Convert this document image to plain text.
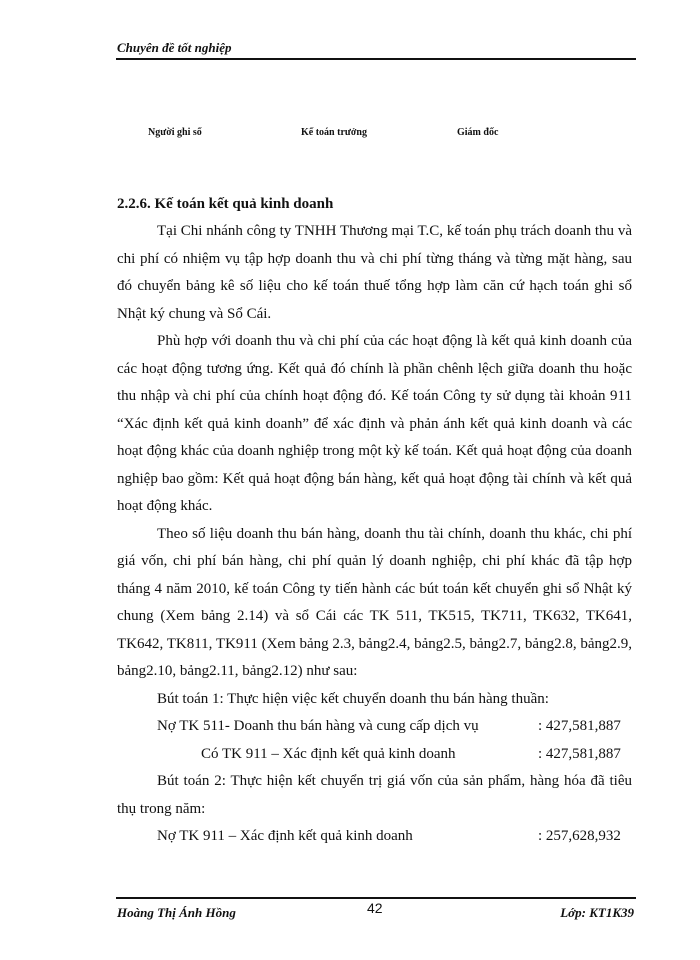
Chuyên đề tốt nghiệp
Người ghi sổ	Kế toán trưởng	Giám đốc
2.2.6. Kế toán kết quả kinh doanh

Tại Chi nhánh công ty TNHH Thương mại T.C, kế toán phụ trách doanh thu và chi phí có nhiệm vụ tập hợp doanh thu và chi phí từng tháng và từng mặt hàng, sau đó chuyển bảng kê số liệu cho kế toán thuế tổng hợp làm căn cứ hạch toán ghi sổ Nhật ký chung và Sổ Cái.

Phù hợp với doanh thu và chi phí của các hoạt động là kết quả kinh doanh của các hoạt động tương ứng. Kết quả đó chính là phần chênh lệch giữa doanh thu hoặc thu nhập và chi phí của chính hoạt động đó. Kế toán Công ty sử dụng tài khoản 911 “Xác định kết quả kinh doanh” để xác định và phản ánh kết quả kinh doanh và các hoạt động khác của doanh nghiệp trong một kỳ kế toán. Kết quả hoạt động của doanh nghiệp bao gồm: Kết quả hoạt động bán hàng, kết quả hoạt động tài chính và kết quả hoạt động khác.

Theo số liệu doanh thu bán hàng, doanh thu tài chính, doanh thu khác, chi phí giá vốn, chi phí bán hàng, chi phí quản lý doanh nghiệp, chi phí khác đã tập hợp tháng 4 năm 2010, kế toán Công ty tiến hành các bút toán kết chuyển ghi sổ Nhật ký chung (Xem bảng 2.14) và sổ Cái các TK 511, TK515, TK711, TK632, TK641, TK642, TK811, TK911 (Xem bảng 2.3, bảng2.4, bảng2.5, bảng2.7, bảng2.8, bảng2.9, bảng2.10, bảng2.11, bảng2.12) như sau:

Bút toán 1: Thực hiện việc kết chuyển doanh thu bán hàng thuần:

Nợ TK 511- Doanh thu bán hàng và cung cấp dịch vụ	: 427,581,887
Có TK 911 – Xác định kết quả kinh doanh	: 427,581,887

Bút toán 2: Thực hiện kết chuyển trị giá vốn của sản phẩm, hàng hóa đã tiêu thụ trong năm:

Nợ TK 911 – Xác định kết quả kinh doanh	: 257,628,932
Hoàng Thị Ánh Hồng	42	Lớp: KT1K39
